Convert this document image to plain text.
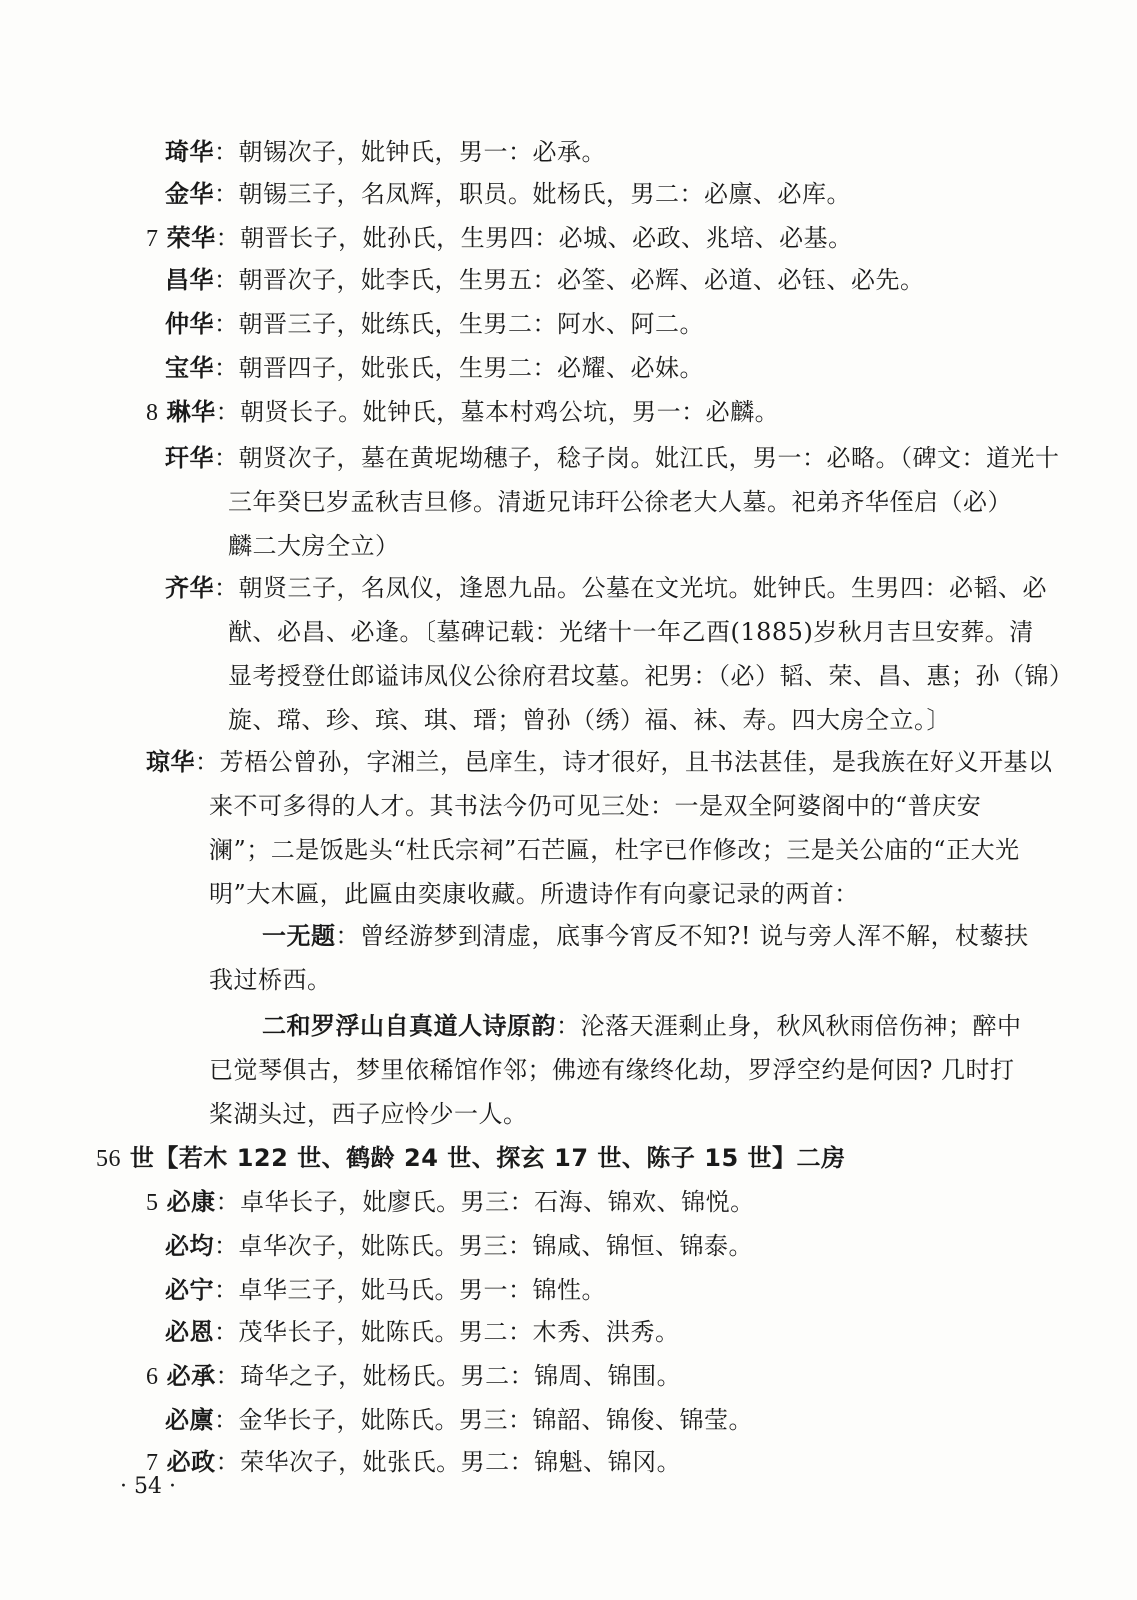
琦华：朝锡次子，妣钟氏，男一：必承。
金华：朝锡三子，名凤辉，职员。妣杨氏，男二：必廪、必库。
7 荣华：朝晋长子，妣孙氏，生男四：必城、必政、兆培、必基。
昌华：朝晋次子，妣李氏，生男五：必筌、必辉、必道、必钰、必先。
仲华：朝晋三子，妣练氏，生男二：阿水、阿二。
宝华：朝晋四子，妣张氏，生男二：必耀、必妹。
8 琳华：朝贤长子。妣钟氏，墓本村鸡公坑，男一：必麟。
玕华：朝贤次子，墓在黄坭坳穗子，稔子岗。妣江氏，男一：必略。（碑文：道光十
三年癸巳岁孟秋吉旦修。清逝兄讳玕公徐老大人墓。祀弟齐华侄启（必）
麟二大房仝立）
齐华：朝贤三子，名凤仪，逢恩九品。公墓在文光坑。妣钟氏。生男四：必韬、必
猷、必昌、必逢。〔墓碑记载：光绪十一年乙酉(1885)岁秋月吉旦安葬。清
显考授登仕郎谥讳凤仪公徐府君坟墓。祀男：（必）韬、荣、昌、惠；孙（锦）
旋、瑺、珍、瑸、琪、瑨；曾孙（绣）福、袜、寿。四大房仝立。〕
琼华：芳梧公曾孙，字湘兰，邑庠生，诗才很好，且书法甚佳，是我族在好义开基以
来不可多得的人才。其书法今仍可见三处：一是双全阿婆阁中的“普庆安
澜”；二是饭匙头“杜氏宗祠”石芒匾，杜字已作修改；三是关公庙的“正大光
明”大木匾，此匾由奕康收藏。所遗诗作有向豪记录的两首：
一无题：曾经游梦到清虚，底事今宵反不知?! 说与旁人浑不解，杖藜扶
我过桥西。
二和罗浮山自真道人诗原韵：沦落天涯剩止身，秋风秋雨倍伤神；醉中
已觉琴俱古，梦里依稀馆作邻；佛迹有缘终化劫，罗浮空约是何因? 几时打
桨湖头过，西子应怜少一人。
56 世【若木 122 世、鹤龄 24 世、探玄 17 世、陈子 15 世】二房
5 必康：卓华长子，妣廖氏。男三：石海、锦欢、锦悦。
必均：卓华次子，妣陈氏。男三：锦咸、锦恒、锦泰。
必宁：卓华三子，妣马氏。男一：锦性。
必恩：茂华长子，妣陈氏。男二：木秀、洪秀。
6 必承：琦华之子，妣杨氏。男二：锦周、锦围。
必廪：金华长子，妣陈氏。男三：锦韶、锦俊、锦莹。
7 必政：荣华次子，妣张氏。男二：锦魁、锦冈。
· 54 ·
